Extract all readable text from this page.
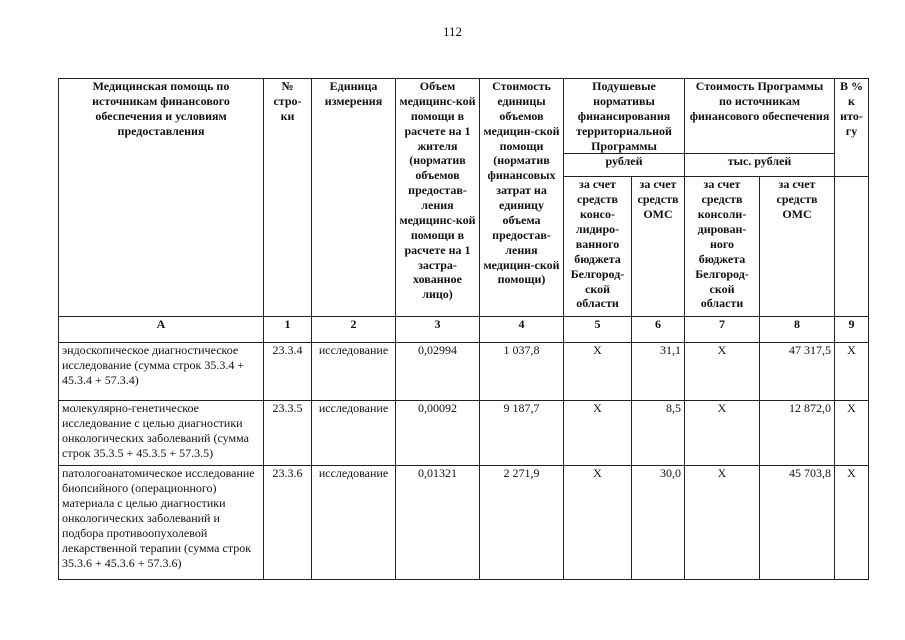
112
Медицинская помощь по источникам финансового обеспечения и условиям предоставления	№ стро-ки	Единица измерения	Объем медицинс-кой помощи в расчете на 1 жителя (норматив объемов предостав-ления медицинс-кой помощи в расчете на 1 застра-хованное лицо)	Стоимость единицы объемов медицин-ской помощи (норматив финансовых затрат на единицу объема предостав-ления медицин-ской помощи)	Подушевые нормативы финансирования территориальной Программы		Стоимость Программы по источникам финансового обеспечения		В % к ито-гу
					рублей		тыс. рублей		
					за счет средств консо-лидиро-ванного бюджета Белгород-ской области	за счет средств ОМС	за счет средств консоли-дирован-ного бюджета Белгород-ской области	за счет средств ОМС	
А	1	2	3	4	5	6	7	8	9
эндоскопическое диагностическое исследование (сумма строк 35.3.4 + 45.3.4 + 57.3.4)	23.3.4	исследование	0,02994	1 037,8	Х	31,1	Х	47 317,5	Х
молекулярно-генетическое исследование с целью диагностики онкологических заболеваний (сумма строк 35.3.5 + 45.3.5 + 57.3.5)	23.3.5	исследование	0,00092	9 187,7	Х	8,5	Х	12 872,0	Х
патологоанатомическое исследование биопсийного (операционного) материала с целью диагностики онкологических заболеваний и подбора противоопухолевой лекарственной терапии (сумма строк 35.3.6 + 45.3.6 + 57.3.6)	23.3.6	исследование	0,01321	2 271,9	Х	30,0	Х	45 703,8	Х
